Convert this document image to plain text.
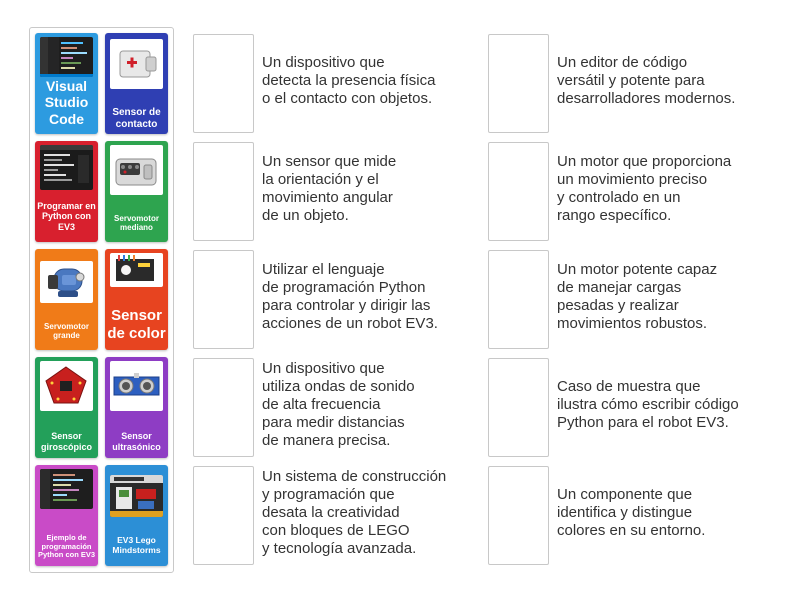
Visual Studio Code	Sensor de contacto
Programar en Python con EV3
Servomotor mediano
Servomotor grande
Sensor de color
Sensor giroscópico
Sensor ultrasónico
Ejemplo de programación Python con EV3
EV3 Lego Mindstorms
Un dispositivo que
detecta la presencia física
o el contacto con objetos.
Un sensor que mide
la orientación y el
movimiento angular
de un objeto.
Utilizar el lenguaje
de programación Python
para controlar y dirigir las
acciones de un robot EV3.
Un dispositivo que
utiliza ondas de sonido
de alta frecuencia
para medir distancias
de manera precisa.
Un sistema de construcción
y programación que
desata la creatividad
con bloques de LEGO
y tecnología avanzada.
Un editor de código
versátil y potente para
desarrolladores modernos.
Un motor que proporciona
un movimiento preciso
y controlado en un
rango específico.
Un motor potente capaz
de manejar cargas
pesadas y realizar
movimientos robustos.
Caso de muestra que
ilustra cómo escribir código
Python para el robot EV3.
Un componente que
identifica y distingue
colores en su entorno.
